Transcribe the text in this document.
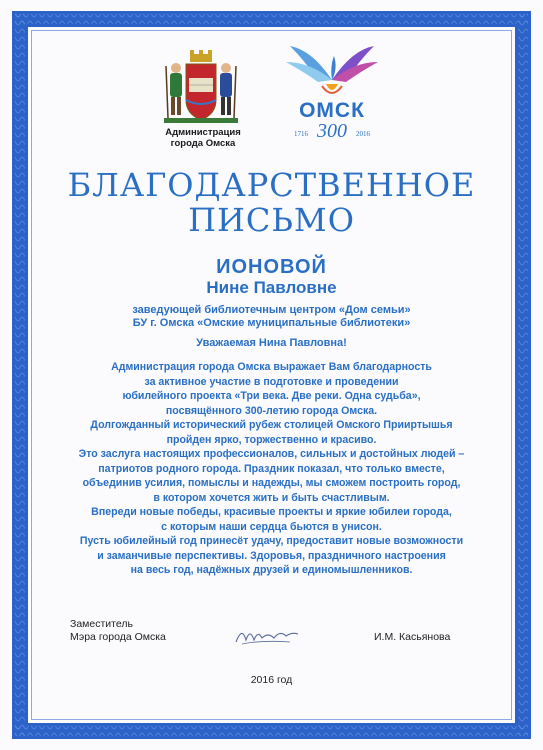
Администрация
города Омска
ОМСК
1716 300	2016
БЛАГОДАРСТВЕННОЕ
ПИСЬМО
ИОНОВОЙ
Нине Павловне
заведующей библиотечным центром «Дом семьи»
БУ г. Омска «Омские муниципальные библиотеки»
Уважаемая Нина Павловна!
Администрация города Омска выражает Вам благодарность
за активное участие в подготовке и проведении
юбилейного проекта «Три века. Две реки. Одна судьба»,
посвящённого 300-летию города Омска.
Долгожданный исторический рубеж столицей Омского Прииртышья
пройден ярко, торжественно и красиво.
Это заслуга настоящих профессионалов, сильных и достойных людей –
патриотов родного города. Праздник показал, что только вместе,
объединив усилия, помыслы и надежды, мы сможем построить город,
в котором хочется жить и быть счастливым.
Впереди новые победы, красивые проекты и яркие юбилеи города,
с которым наши сердца бьются в унисон.
Пусть юбилейный год принесёт удачу, предоставит новые возможности
и заманчивые перспективы. Здоровья, праздничного настроения
на весь год, надёжных друзей и единомышленников.
Заместитель
Мэра города Омска	И.М. Касьянова
2016 год
